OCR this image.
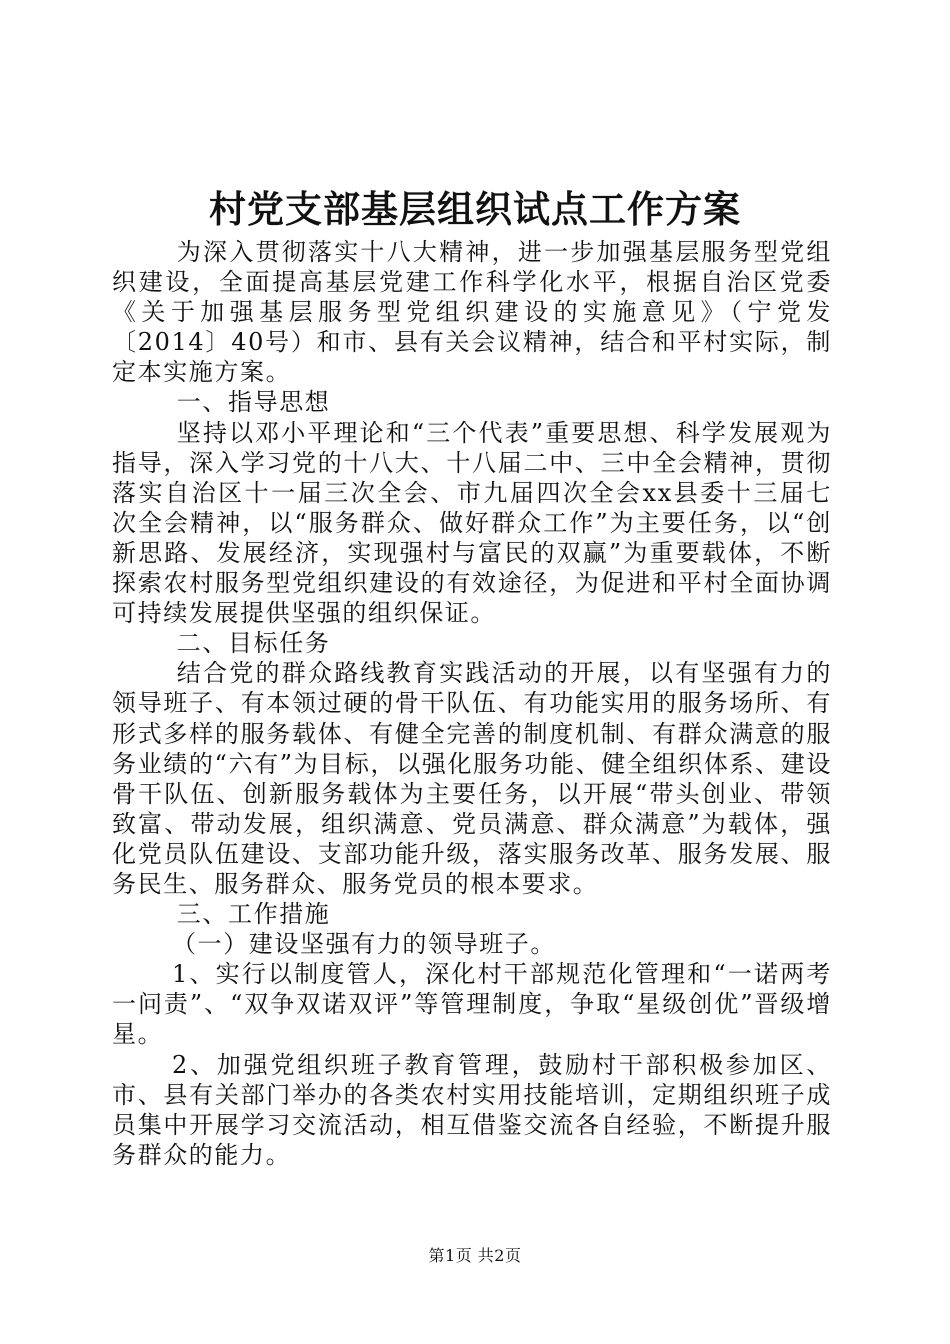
村党支部基层组织试点工作方案

为深入贯彻落实十八大精神，进一步加强基层服务型党组织建设，全面提高基层党建工作科学化水平，根据自治区党委《关于加强基层服务型党组织建设的实施意见》（宁党发〔2014〕40号）和市、县有关会议精神，结合和平村实际，制定本实施方案。

一、指导思想

坚持以邓小平理论和“三个代表”重要思想、科学发展观为指导，深入学习党的十八大、十八届二中、三中全会精神，贯彻落实自治区十一届三次全会、市九届四次全会xx县委十三届七次全会精神，以“服务群众、做好群众工作”为主要任务，以“创新思路、发展经济，实现强村与富民的双赢”为重要载体，不断探索农村服务型党组织建设的有效途径，为促进和平村全面协调可持续发展提供坚强的组织保证。

二、目标任务

结合党的群众路线教育实践活动的开展，以有坚强有力的领导班子、有本领过硬的骨干队伍、有功能实用的服务场所、有形式多样的服务载体、有健全完善的制度机制、有群众满意的服务业绩的“六有”为目标，以强化服务功能、健全组织体系、建设骨干队伍、创新服务载体为主要任务，以开展“带头创业、带领致富、带动发展，组织满意、党员满意、群众满意”为载体，强化党员队伍建设、支部功能升级，落实服务改革、服务发展、服务民生、服务群众、服务党员的根本要求。

三、工作措施

（一）建设坚强有力的领导班子。

1、实行以制度管人，深化村干部规范化管理和“一诺两考一问责”、“双争双诺双评”等管理制度，争取“星级创优”晋级增星。

2、加强党组织班子教育管理，鼓励村干部积极参加区、市、县有关部门举办的各类农村实用技能培训，定期组织班子成员集中开展学习交流活动，相互借鉴交流各自经验，不断提升服务群众的能力。

第1页 共2页
